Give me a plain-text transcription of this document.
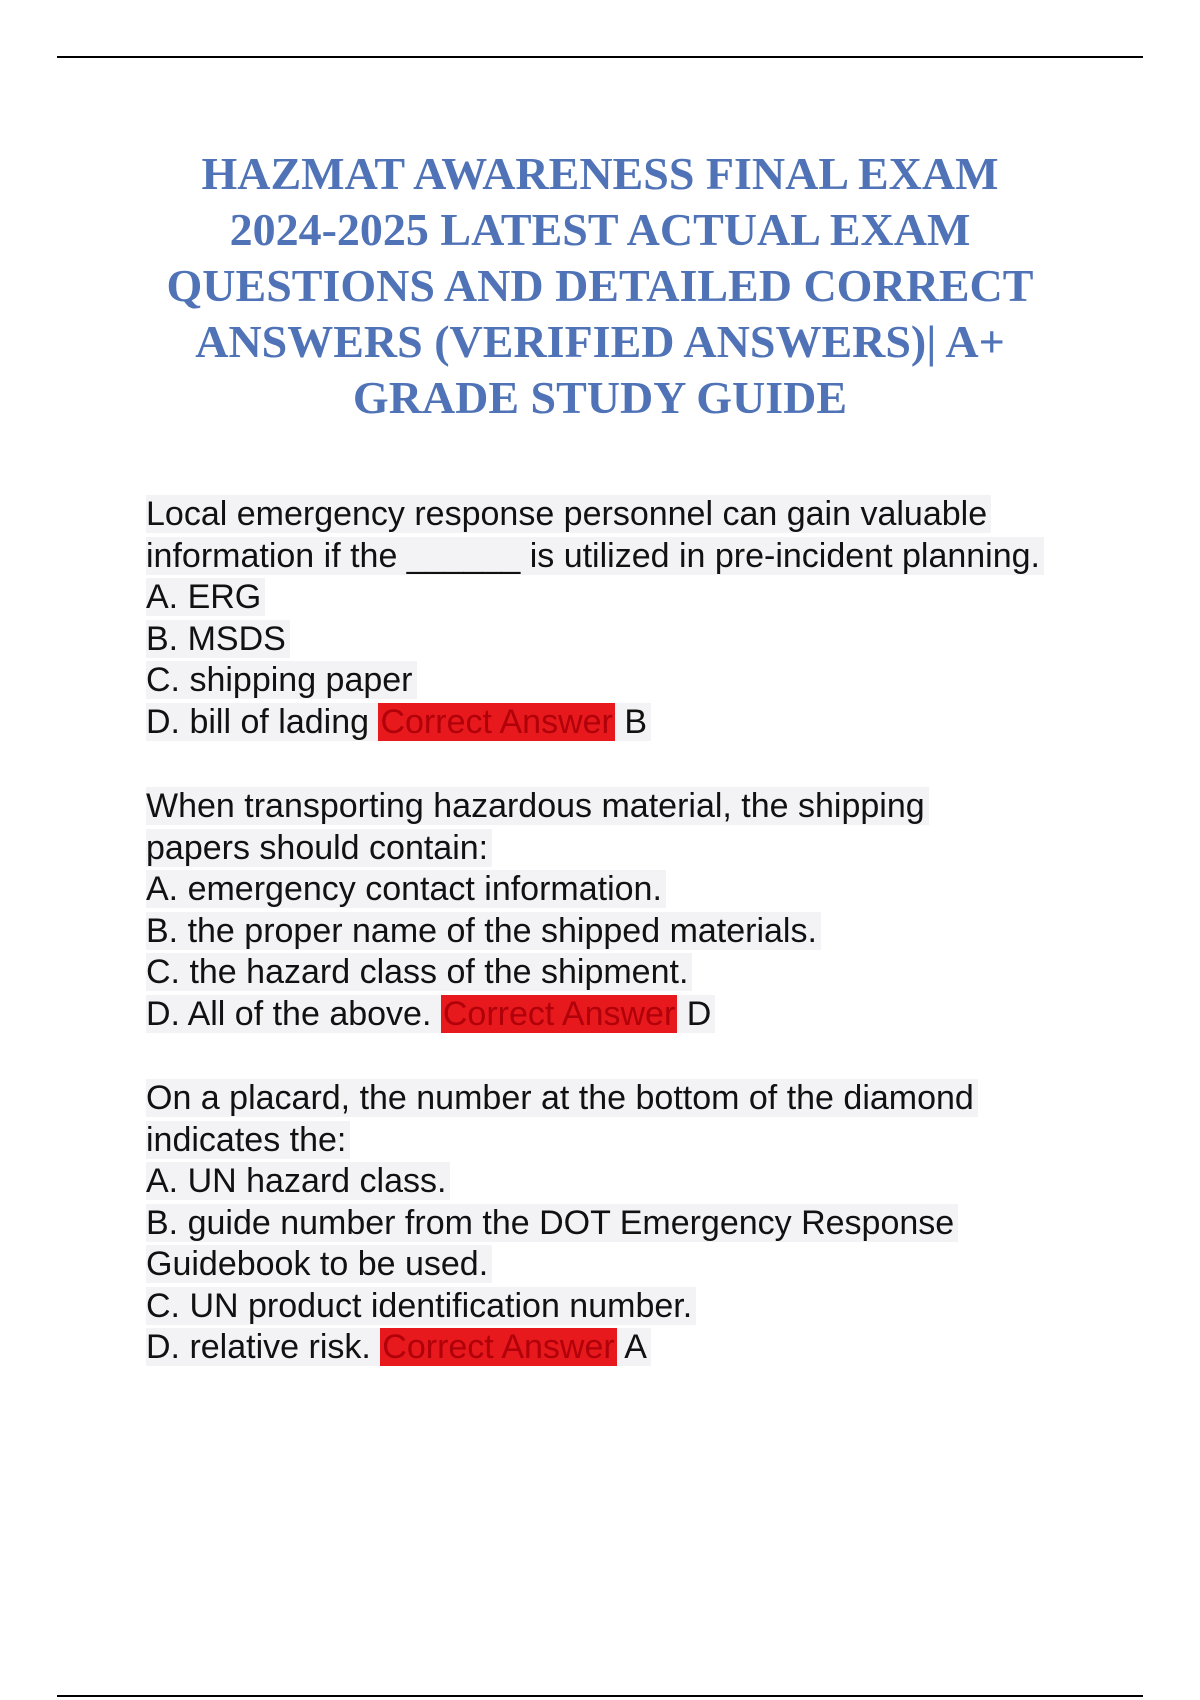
HAZMAT AWARENESS FINAL EXAM
2024-2025 LATEST ACTUAL EXAM
QUESTIONS AND DETAILED CORRECT
ANSWERS (VERIFIED ANSWERS)| A+
GRADE STUDY GUIDE
Local emergency response personnel can gain valuable
information if the ______ is utilized in pre-incident planning.
A. ERG
B. MSDS
C. shipping paper
D. bill of lading Correct Answer B
When transporting hazardous material, the shipping
papers should contain:
A. emergency contact information.
B. the proper name of the shipped materials.
C. the hazard class of the shipment.
D. All of the above. Correct Answer D
On a placard, the number at the bottom of the diamond
indicates the:
A. UN hazard class.
B. guide number from the DOT Emergency Response
Guidebook to be used.
C. UN product identification number.
D. relative risk. Correct Answer A
